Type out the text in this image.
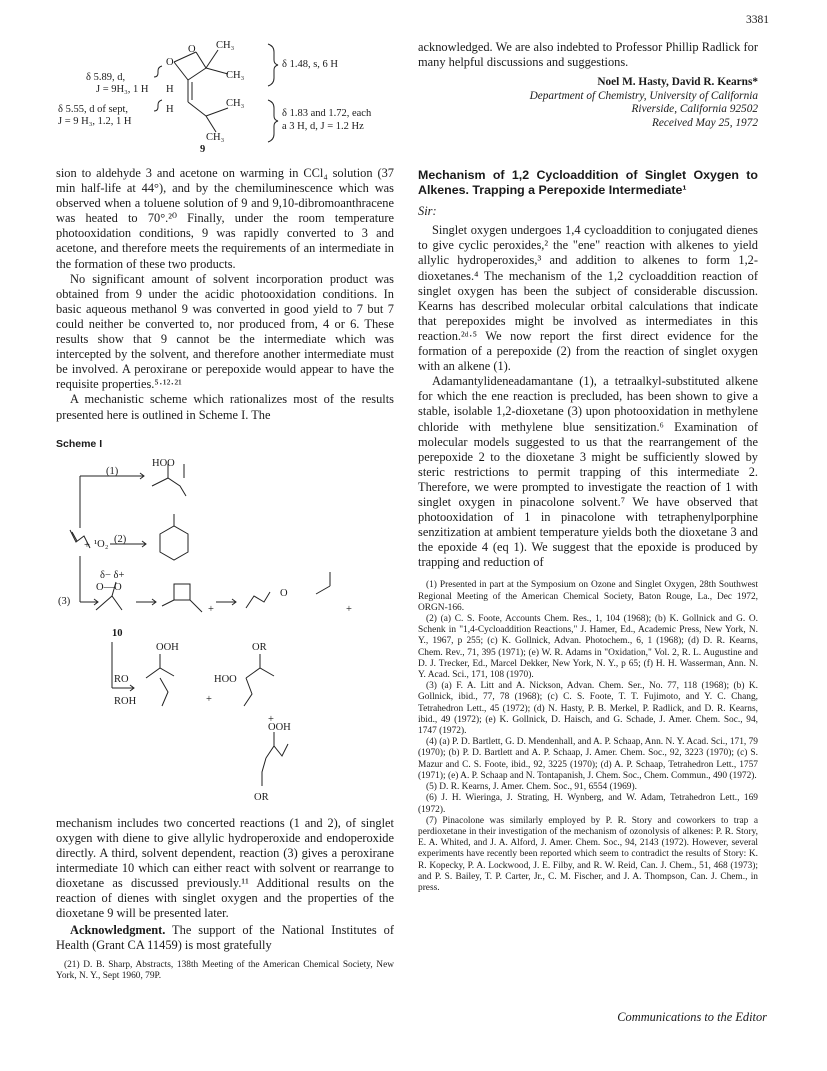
3381
O
O CH₃
CH₃
CH₃
CH₃
H
H
δ 5.89, d,
J = 9H₃, 1 H
δ 5.55, d of sept,
J = 9 H₃, 1.2, 1 H
δ 1.48, s, 6 H
δ 1.83 and 1.72, each
a 3 H, d, J = 1.2 Hz
9

sion to aldehyde 3 and acetone on warming in CCl₄ solution (37 min half-life at 44°), and by the chemiluminescence which was observed when a toluene solution of 9 and 9,10-dibromoanthracene was heated to 70°.²⁰ Finally, under the room temperature photooxidation conditions, 9 was rapidly converted to 3 and acetone, and therefore meets the requirements of an intermediate in the formation of these two products.

No significant amount of solvent incorporation product was obtained from 9 under the acidic photooxidation conditions. In basic aqueous methanol 9 was converted in good yield to 7 but 7 could neither be converted to, nor produced from, 4 or 6. These results show that 9 cannot be the intermediate which was intercepted by the solvent, and therefore another intermediate must be involved. A peroxirane or perepoxide would appear to have the requisite properties.⁵·¹²·²¹

A mechanistic scheme which rationalizes most of the results presented here is outlined in Scheme I. The

Scheme I
HOO
(1)
(2)
(3)
¹O₂
+
δ− δ+
O—O
+
O
+
10
OOH	OR
RO	HOO
ROH	+
+
OOH
OR

mechanism includes two concerted reactions (1 and 2), of singlet oxygen with diene to give allylic hydroperoxide and endoperoxide directly. A third, solvent dependent, reaction (3) gives a peroxirane intermediate 10 which can either react with solvent or rearrange to dioxetane as discussed previously.¹¹ Additional results on the reaction of dienes with singlet oxygen and the properties of the dioxetane 9 will be presented later.

Acknowledgment. The support of the National Institutes of Health (Grant CA 11459) is most gratefully

(21) D. B. Sharp, Abstracts, 138th Meeting of the American Chemical Society, New York, N. Y., Sept 1960, 79P.

acknowledged. We are also indebted to Professor Phillip Radlick for many helpful discussions and suggestions.

Noel M. Hasty, David R. Kearns*
Department of Chemistry, University of California
Riverside, California 92502
Received May 25, 1972
Mechanism of 1,2 Cycloaddition of Singlet Oxygen to Alkenes. Trapping a Perepoxide Intermediate¹
Sir:

Singlet oxygen undergoes 1,4 cycloaddition to conjugated dienes to give cyclic peroxides,² the "ene" reaction with alkenes to yield allylic hydroperoxides,³ and addition to alkenes to form 1,2-dioxetanes.⁴ The mechanism of the 1,2 cycloaddition reaction of singlet oxygen has been the subject of considerable discussion. Kearns has described molecular orbital calculations that indicate that perepoxides might be involved as intermediates in this reaction.²ᵈ·⁵ We now report the first direct evidence for the formation of a perepoxide (2) from the reaction of singlet oxygen with an alkene (1).

Adamantylideneadamantane (1), a tetraalkyl-substituted alkene for which the ene reaction is precluded, has been shown to give a stable, isolable 1,2-dioxetane (3) upon photooxidation in methylene chloride with methylene blue sensitization.⁶ Examination of molecular models suggested to us that the rearrangement of the perepoxide 2 to the dioxetane 3 might be sufficiently slowed by steric restrictions to permit trapping of this intermediate 2. Therefore, we were prompted to investigate the reaction of 1 with singlet oxygen in pinacolone solvent.⁷ We have observed that photooxidation of 1 in pinacolone with tetraphenylporphine senzitization at ambient temperature yields both the dioxetane 3 and the epoxide 4 (eq 1). We suggest that the epoxide is produced by trapping and reduction of

(1) Presented in part at the Symposium on Ozone and Singlet Oxygen, 28th Southwest Regional Meeting of the American Chemical Society, Baton Rouge, La., Dec 1972, ORGN-166.

(2) (a) C. S. Foote, Accounts Chem. Res., 1, 104 (1968); (b) K. Gollnick and G. O. Schenk in "1,4-Cycloaddition Reactions," J. Hamer, Ed., Academic Press, New York, N. Y., 1967, p 255; (c) K. Gollnick, Advan. Photochem., 6, 1 (1968); (d) D. R. Kearns, Chem. Rev., 71, 395 (1971); (e) W. R. Adams in "Oxidation," Vol. 2, R. L. Augustine and D. J. Trecker, Ed., Marcel Dekker, New York, N. Y., p 65; (f) H. H. Wasserman, Ann. N. Y. Acad. Sci., 171, 108 (1970).

(3) (a) F. A. Litt and A. Nickson, Advan. Chem. Ser., No. 77, 118 (1968); (b) K. Gollnick, ibid., 77, 78 (1968); (c) C. S. Foote, T. T. Fujimoto, and Y. C. Chang, Tetrahedron Lett., 45 (1972); (d) N. Hasty, P. B. Merkel, P. Radlick, and D. R. Kearns, ibid., 49 (1972); (e) K. Gollnick, D. Haisch, and G. Schade, J. Amer. Chem. Soc., 94, 1747 (1972).

(4) (a) P. D. Bartlett, G. D. Mendenhall, and A. P. Schaap, Ann. N. Y. Acad. Sci., 171, 79 (1970); (b) P. D. Bartlett and A. P. Schaap, J. Amer. Chem. Soc., 92, 3223 (1970); (c) S. Mazur and C. S. Foote, ibid., 92, 3225 (1970); (d) A. P. Schaap, Tetrahedron Lett., 1757 (1971); (e) A. P. Schaap and N. Tontapanish, J. Chem. Soc., Chem. Commun., 490 (1972).

(5) D. R. Kearns, J. Amer. Chem. Soc., 91, 6554 (1969).

(6) J. H. Wieringa, J. Strating, H. Wynberg, and W. Adam, Tetrahedron Lett., 169 (1972).

(7) Pinacolone was similarly employed by P. R. Story and coworkers to trap a perdioxetane in their investigation of the mechanism of ozonolysis of alkenes: P. R. Story, E. A. Whited, and J. A. Alford, J. Amer. Chem. Soc., 94, 2143 (1972). However, several experiments have recently been reported which seem to contradict the results of Story: K. R. Kopecky, P. A. Lockwood, J. E. Filby, and R. W. Reid, Can. J. Chem., 51, 468 (1973); and P. S. Bailey, T. P. Carter, Jr., C. M. Fischer, and J. A. Thompson, Can. J. Chem., in press.

Communications to the Editor
